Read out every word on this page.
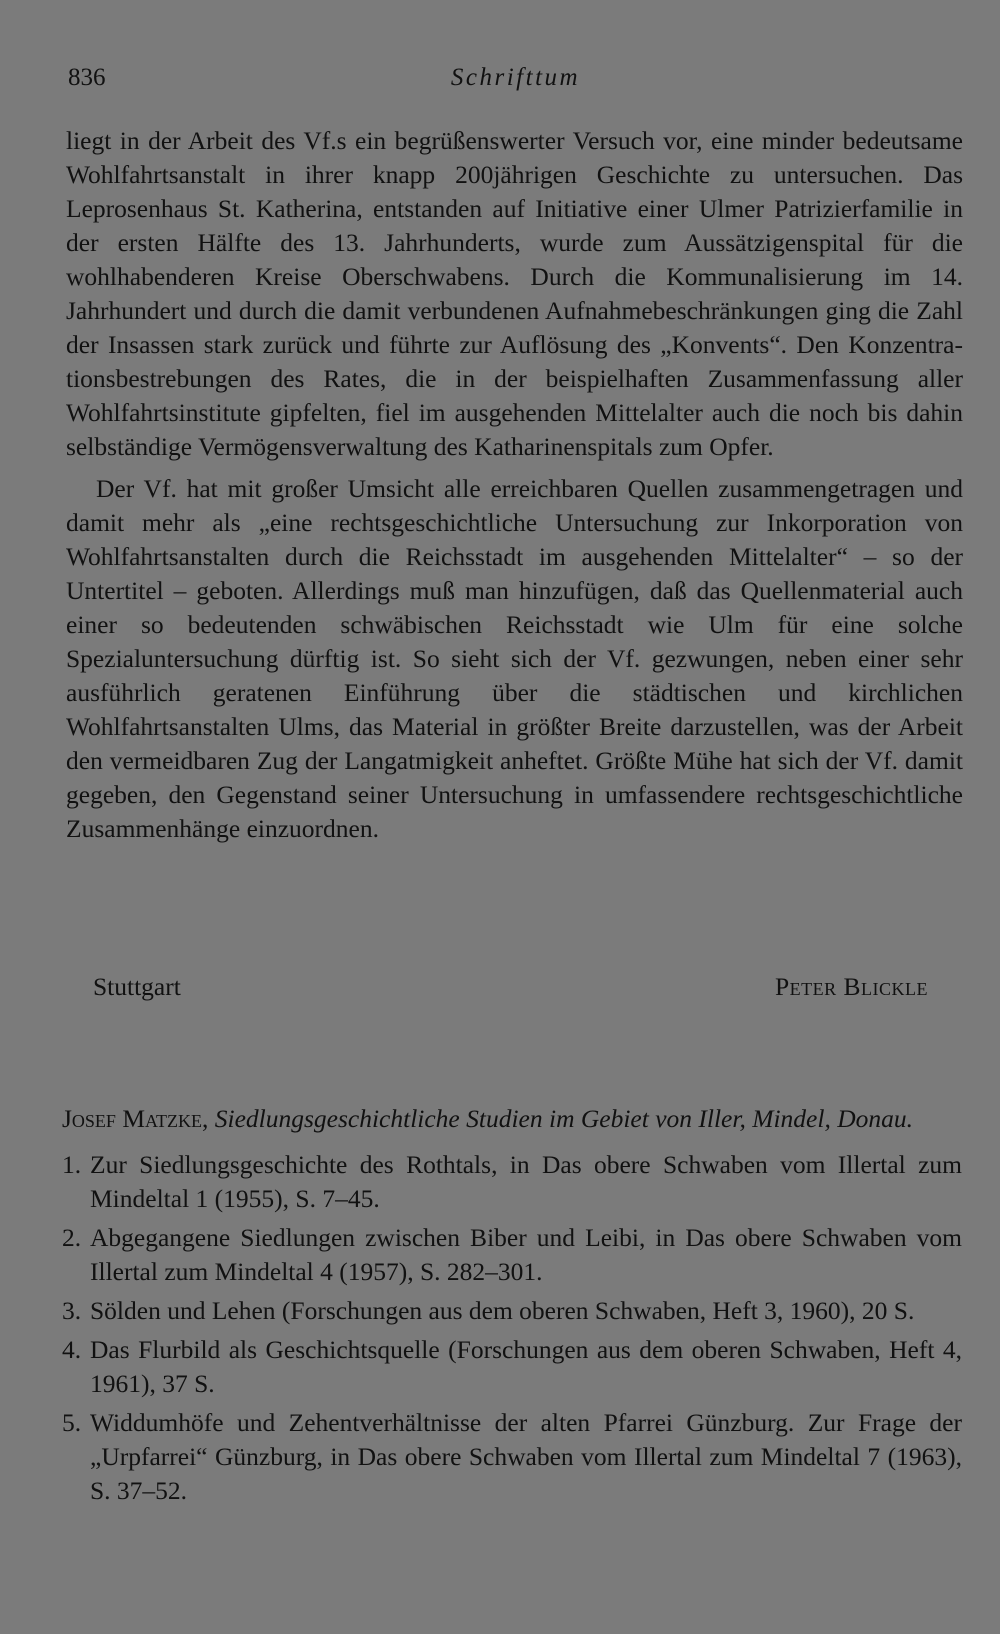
836	Schrifttum

liegt in der Arbeit des Vf.s ein begrüßenswerter Versuch vor, eine minder bedeutsame Wohlfahrtsanstalt in ihrer knapp 200jährigen Geschichte zu untersuchen. Das Leprosenhaus St. Katherina, entstanden auf Initiative einer Ulmer Patrizierfamilie in der ersten Hälfte des 13. Jahrhunderts, wurde zum Aussätzigenspital für die wohlhabenderen Kreise Oberschwabens. Durch die Kommunalisierung im 14. Jahrhundert und durch die damit verbundenen Aufnahmebeschränkungen ging die Zahl der Insassen stark zurück und führte zur Auflösung des „Konvents“. Den Konzentrationsbestrebungen des Rates, die in der beispielhaften Zusammenfassung aller Wohlfahrtsinstitute gipfelten, fiel im ausgehenden Mittelalter auch die noch bis dahin selbständige Vermögensverwaltung des Katharinenspitals zum Opfer.

Der Vf. hat mit großer Umsicht alle erreichbaren Quellen zusammengetragen und damit mehr als „eine rechtsgeschichtliche Untersuchung zur Inkorporation von Wohlfahrtsanstalten durch die Reichsstadt im ausgehenden Mittelalter“ – so der Untertitel – geboten. Allerdings muß man hinzufügen, daß das Quellenmaterial auch einer so bedeutenden schwäbischen Reichsstadt wie Ulm für eine solche Spezialuntersuchung dürftig ist. So sieht sich der Vf. gezwungen, neben einer sehr ausführlich geratenen Einführung über die städtischen und kirchlichen Wohlfahrtsanstalten Ulms, das Material in größter Breite darzustellen, was der Arbeit den vermeidbaren Zug der Langatmigkeit anheftet. Größte Mühe hat sich der Vf. damit gegeben, den Gegenstand seiner Untersuchung in umfassendere rechtsgeschichtliche Zusammenhänge einzuordnen.

Stuttgart	Peter Blickle

Josef Matzke, Siedlungsgeschichtliche Studien im Gebiet von Iller, Mindel, Donau.

1. Zur Siedlungsgeschichte des Rothtals, in Das obere Schwaben vom Illertal zum Mindeltal 1 (1955), S. 7–45.
2. Abgegangene Siedlungen zwischen Biber und Leibi, in Das obere Schwaben vom Illertal zum Mindeltal 4 (1957), S. 282–301.
3. Sölden und Lehen (Forschungen aus dem oberen Schwaben, Heft 3, 1960), 20 S.
4. Das Flurbild als Geschichtsquelle (Forschungen aus dem oberen Schwaben, Heft 4, 1961), 37 S.
5. Widdumhöfe und Zehentverhältnisse der alten Pfarrei Günzburg. Zur Frage der „Urpfarrei“ Günzburg, in Das obere Schwaben vom Illertal zum Mindeltal 7 (1963), S. 37–52.
